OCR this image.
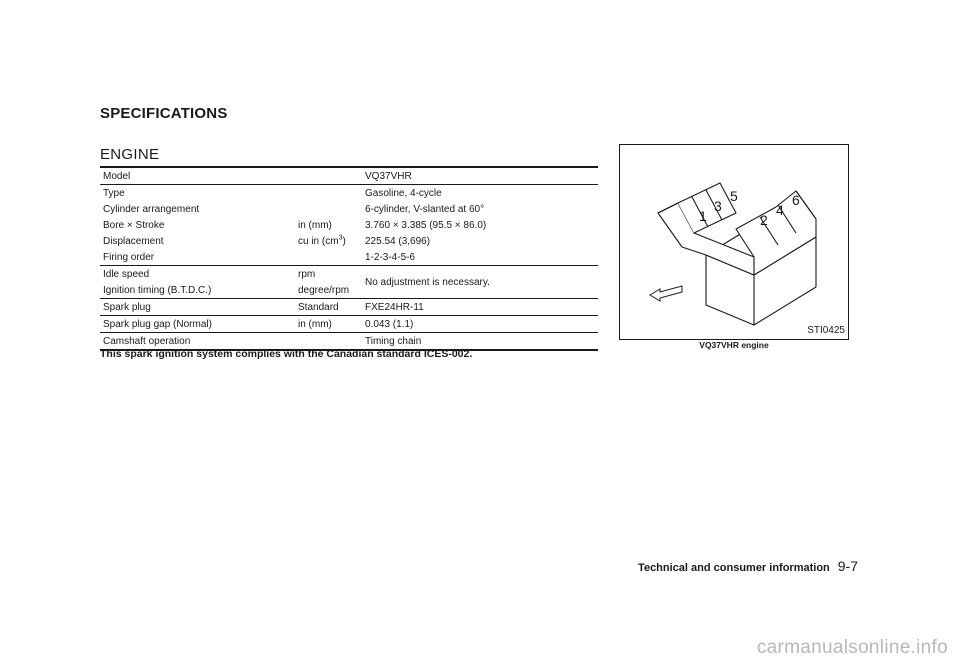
SPECIFICATIONS
ENGINE
Model		VQ37VHR
Type		Gasoline, 4-cycle
Cylinder arrangement		6-cylinder, V-slanted at 60°
Bore × Stroke	in (mm)	3.760 × 3.385 (95.5 × 86.0)
Displacement	cu in $(cm^3)$	225.54 (3,696)
Firing order		1-2-3-4-5-6
Idle speed	rpm	No adjustment is necessary.
Ignition timing (B.T.D.C.)	degree/rpm	
Spark plug	Standard	FXE24HR-11
Spark plug gap (Normal)	in (mm)	0.043 (1.1)
Camshaft operation		Timing chain
This spark ignition system complies with the Canadian standard ICES-002.
1
3
5
2
4
6
STI0425
VQ37VHR engine
Technical and consumer information 9-7
carmanualsonline.info
